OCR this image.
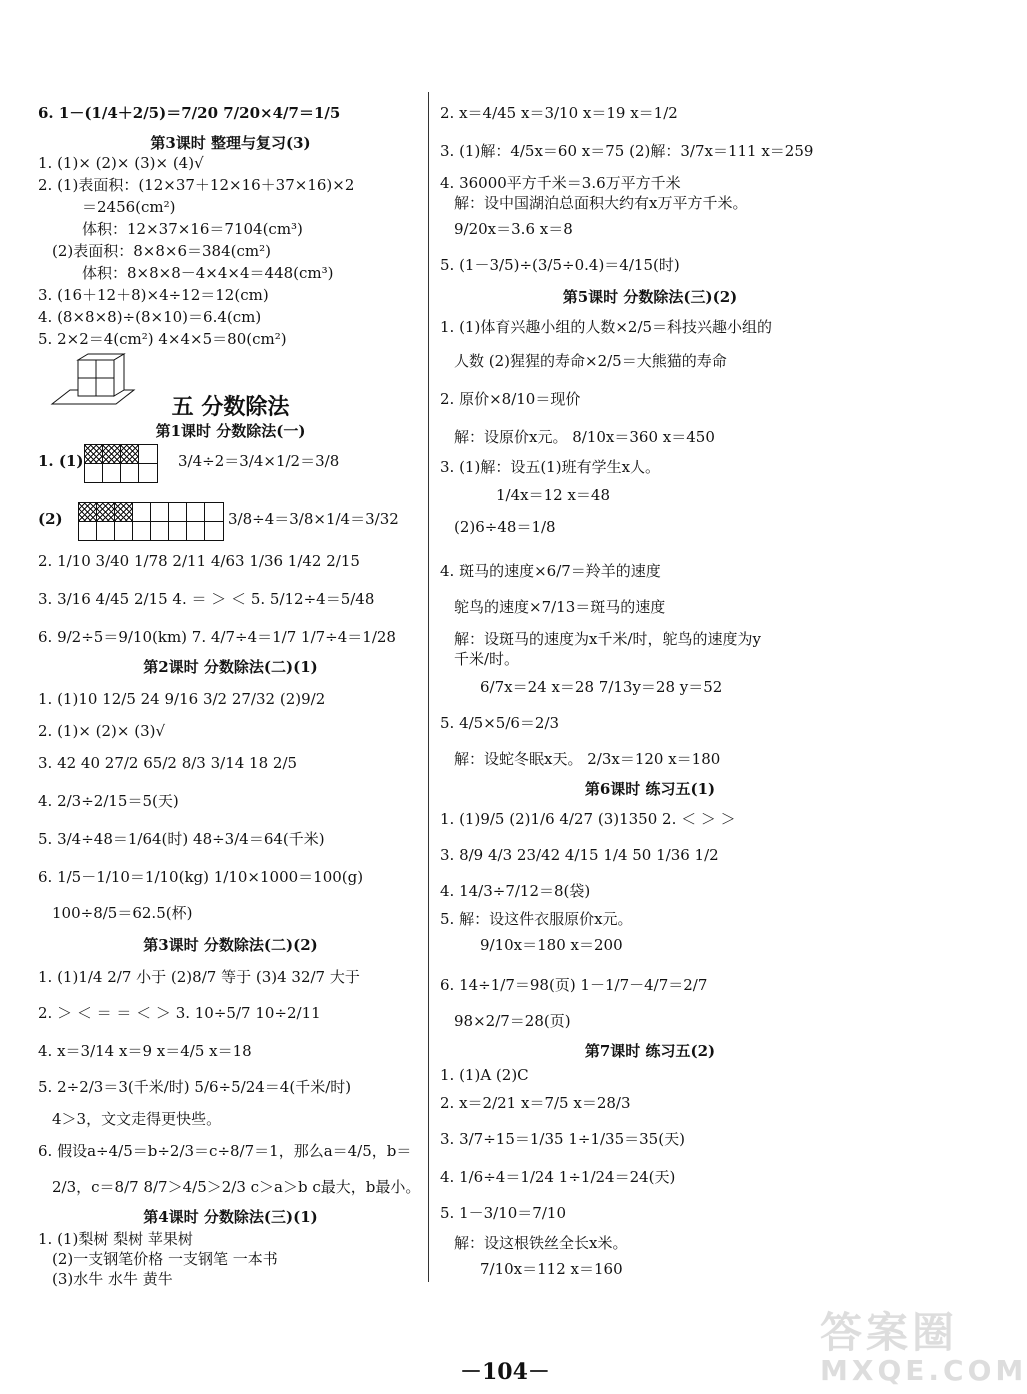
6. 1－(1/4＋2/5)＝7/20 7/20×4/7＝1/5
第3课时 整理与复习(3)
1. (1)× (2)× (3)× (4)√
2. (1)表面积：(12×37＋12×16＋37×16)×2
＝2456(cm²)
体积：12×37×16＝7104(cm³)
(2)表面积：8×8×6＝384(cm²)
体积：8×8×8－4×4×4＝448(cm³)
3. (16＋12＋8)×4÷12＝12(cm)
4. (8×8×8)÷(8×10)＝6.4(cm)
5. 2×2＝4(cm²) 4×4×5＝80(cm²)
五 分数除法
第1课时 分数除法(一)
1. (1)	3/4÷2＝3/4×1/2＝3/8
(2)	3/8÷4＝3/8×1/4＝3/32
2. 1/10 3/40 1/78 2/11 4/63 1/36 1/42 2/15
3. 3/16 4/45 2/15 4. ＝ ＞ ＜ 5. 5/12÷4＝5/48
6. 9/2÷5＝9/10(km) 7. 4/7÷4＝1/7 1/7÷4＝1/28
第2课时 分数除法(二)(1)
1. (1)10 12/5 24 9/16 3/2 27/32 (2)9/2
2. (1)× (2)× (3)√
3. 42 40 27/2 65/2 8/3 3/14 18 2/5
4. 2/3÷2/15＝5(天)
5. 3/4÷48＝1/64(时) 48÷3/4＝64(千米)
6. 1/5－1/10＝1/10(kg) 1/10×1000＝100(g)
100÷8/5＝62.5(杯)
第3课时 分数除法(二)(2)
1. (1)1/4 2/7 小于 (2)8/7 等于 (3)4 32/7 大于
2. ＞ ＜ ＝ ＝ ＜ ＞ 3. 10÷5/7 10÷2/11
4. x＝3/14 x＝9 x＝4/5 x＝18
5. 2÷2/3＝3(千米/时) 5/6÷5/24＝4(千米/时)
4＞3，文文走得更快些。
6. 假设a÷4/5＝b÷2/3＝c÷8/7＝1，那么a＝4/5，b＝
2/3，c＝8/7 8/7＞4/5＞2/3 c＞a＞b c最大，b最小。
第4课时 分数除法(三)(1)
1. (1)梨树 梨树 苹果树
(2)一支钢笔价格 一支钢笔 一本书
(3)水牛 水牛 黄牛
2. x＝4/45 x＝3/10 x＝19 x＝1/2
3. (1)解：4/5x＝60 x＝75 (2)解：3/7x＝111 x＝259
4. 36000平方千米＝3.6万平方千米
解：设中国湖泊总面积大约有x万平方千米。
9/20x＝3.6 x＝8
5. (1－3/5)÷(3/5÷0.4)＝4/15(时)
第5课时 分数除法(三)(2)
1. (1)体育兴趣小组的人数×2/5＝科技兴趣小组的
人数 (2)猩猩的寿命×2/5＝大熊猫的寿命
2. 原价×8/10＝现价
解：设原价x元。 8/10x＝360 x＝450
3. (1)解：设五(1)班有学生x人。
1/4x＝12 x＝48
(2)6÷48＝1/8
4. 斑马的速度×6/7＝羚羊的速度
鸵鸟的速度×7/13＝斑马的速度
解：设斑马的速度为x千米/时，鸵鸟的速度为y
千米/时。
6/7x＝24 x＝28 7/13y＝28 y＝52
5. 4/5×5/6＝2/3
解：设蛇冬眠x天。 2/3x＝120 x＝180
第6课时 练习五(1)
1. (1)9/5 (2)1/6 4/27 (3)1350 2. ＜ ＞ ＞
3. 8/9 4/3 23/42 4/15 1/4 50 1/36 1/2
4. 14/3÷7/12＝8(袋)
5. 解：设这件衣服原价x元。
9/10x＝180 x＝200
6. 14÷1/7＝98(页) 1－1/7－4/7＝2/7
98×2/7＝28(页)
第7课时 练习五(2)
1. (1)A (2)C
2. x＝2/21 x＝7/5 x＝28/3
3. 3/7÷15＝1/35 1÷1/35＝35(天)
4. 1/6÷4＝1/24 1÷1/24＝24(天)
5. 1－3/10＝7/10
解：设这根铁丝全长x米。
7/10x＝112 x＝160
－104－
答案圈
MXQE.COM
